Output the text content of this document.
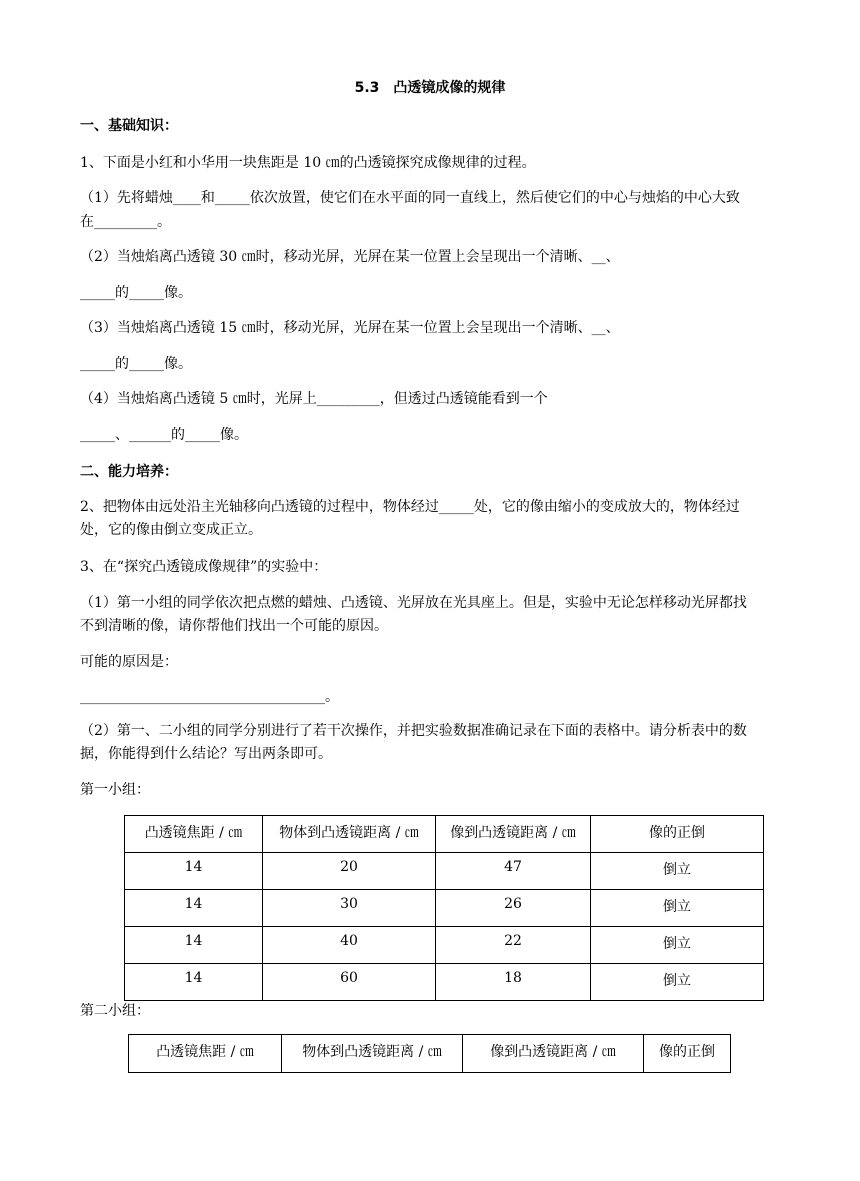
5.3　凸透镜成像的规律
一、基础知识：
1、下面是小红和小华用一块焦距是 10 ㎝的凸透镜探究成像规律的过程。
（1）先将蜡烛____和_____依次放置，使它们在水平面的同一直线上，然后使它们的中心与烛焰的中心大致
在_________。
（2）当烛焰离凸透镜 30 ㎝时，移动光屏，光屏在某一位置上会呈现出一个清晰、__、
_____的_____像。
（3）当烛焰离凸透镜 15 ㎝时，移动光屏，光屏在某一位置上会呈现出一个清晰、__、
_____的_____像。
（4）当烛焰离凸透镜 5 ㎝时，光屏上_________，但透过凸透镜能看到一个
_____、______的_____像。
二、能力培养：
2、把物体由远处沿主光轴移向凸透镜的过程中，物体经过_____处，它的像由缩小的变成放大的，物体经过
处，它的像由倒立变成正立。
3、在“探究凸透镜成像规律”的实验中：
（1）第一小组的同学依次把点燃的蜡烛、凸透镜、光屏放在光具座上。但是，实验中无论怎样移动光屏都找
不到清晰的像，请你帮他们找出一个可能的原因。
可能的原因是：
___________________________________。
（2）第一、二小组的同学分别进行了若干次操作，并把实验数据准确记录在下面的表格中。请分析表中的数
据，你能得到什么结论？写出两条即可。
第一小组：
凸透镜焦距 / ㎝	物体到凸透镜距离 / ㎝	像到凸透镜距离 / ㎝	像的正倒
14	20	47	倒立
14	30	26	倒立
14	40	22	倒立
14	60	18	倒立
第二小组：
凸透镜焦距 / ㎝	物体到凸透镜距离 / ㎝	像到凸透镜距离 / ㎝	像的正倒
